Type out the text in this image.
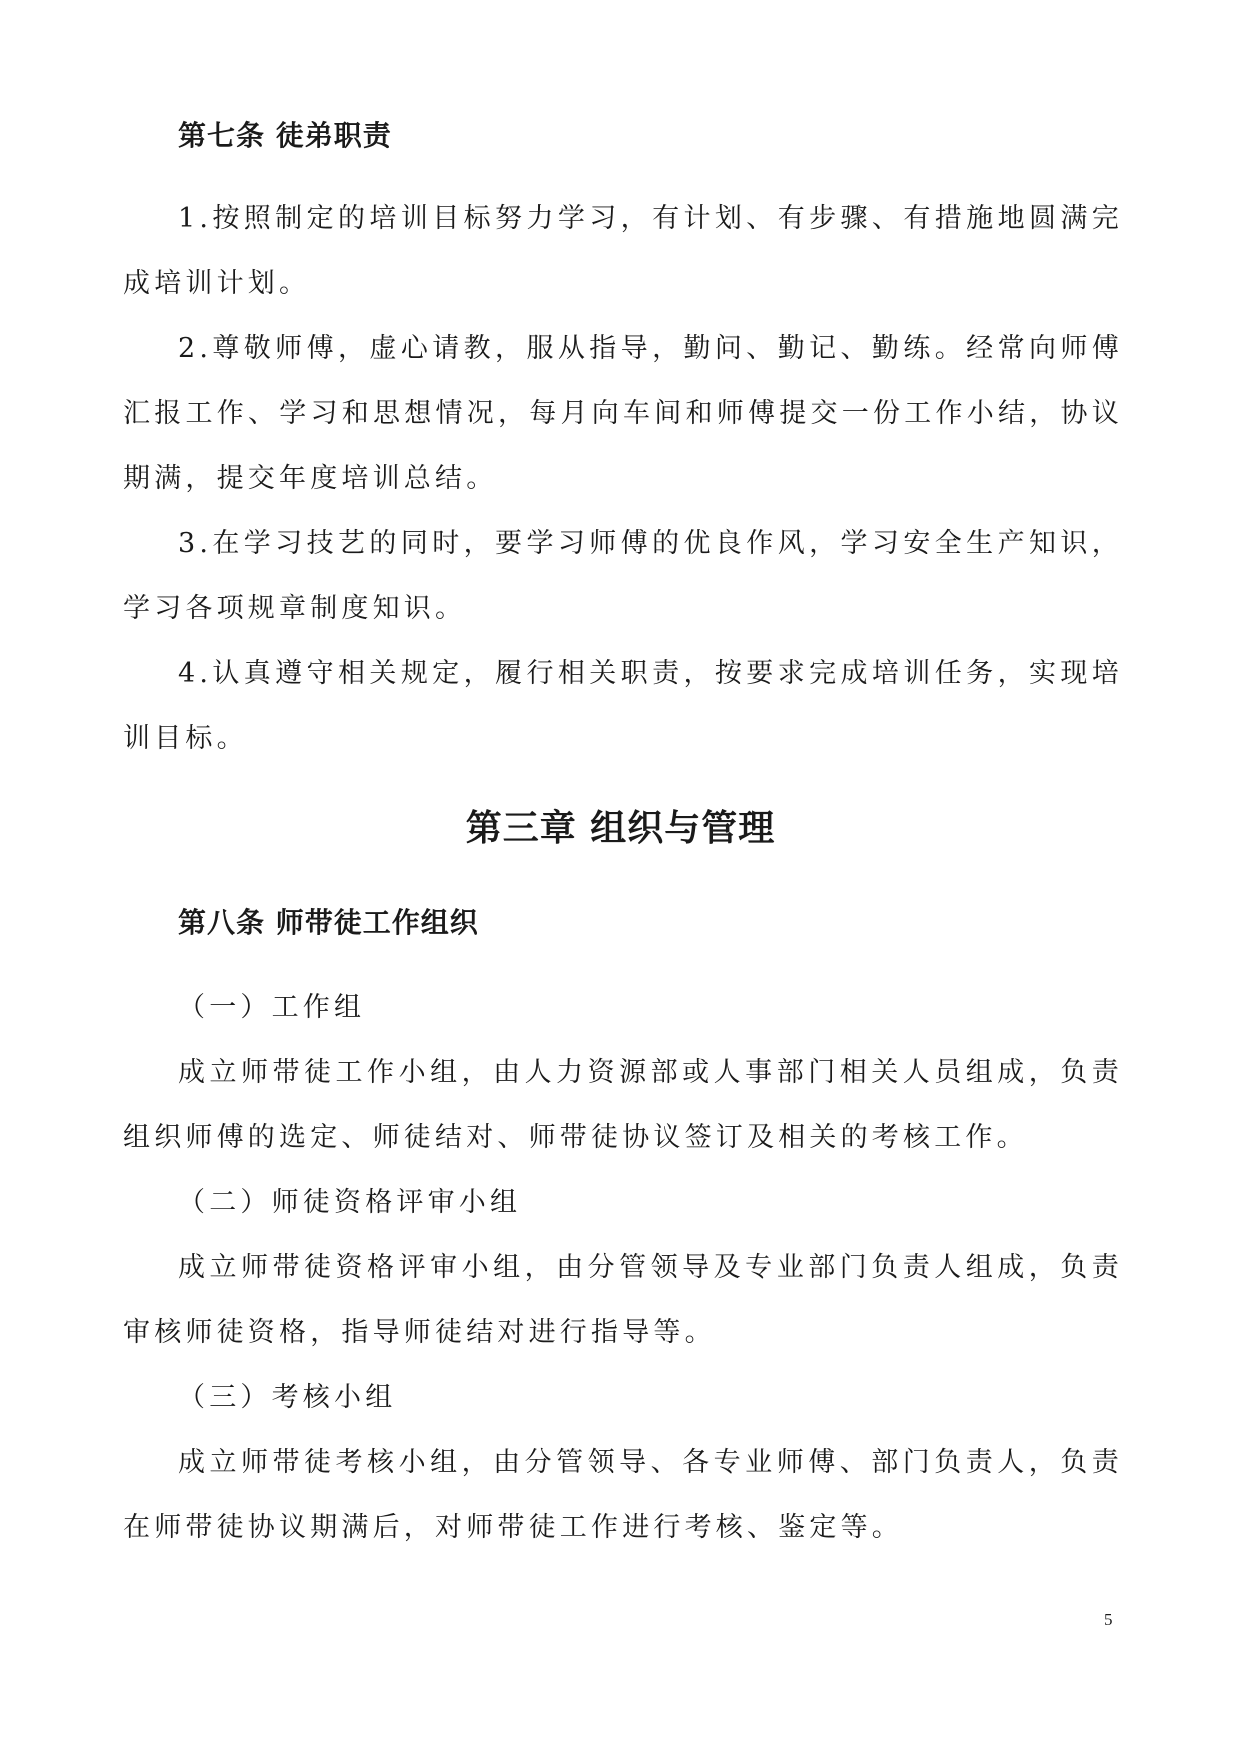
第七条 徒弟职责

1.按照制定的培训目标努力学习，有计划、有步骤、有措施地圆满完成培训计划。

2.尊敬师傅，虚心请教，服从指导，勤问、勤记、勤练。经常向师傅汇报工作、学习和思想情况，每月向车间和师傅提交一份工作小结，协议期满，提交年度培训总结。

3.在学习技艺的同时，要学习师傅的优良作风，学习安全生产知识，学习各项规章制度知识。

4.认真遵守相关规定，履行相关职责，按要求完成培训任务，实现培训目标。

第三章 组织与管理
第八条 师带徒工作组织

（一）工作组

成立师带徒工作小组，由人力资源部或人事部门相关人员组成，负责组织师傅的选定、师徒结对、师带徒协议签订及相关的考核工作。

（二）师徒资格评审小组

成立师带徒资格评审小组，由分管领导及专业部门负责人组成，负责审核师徒资格，指导师徒结对进行指导等。

（三）考核小组

成立师带徒考核小组，由分管领导、各专业师傅、部门负责人，负责在师带徒协议期满后，对师带徒工作进行考核、鉴定等。

5
